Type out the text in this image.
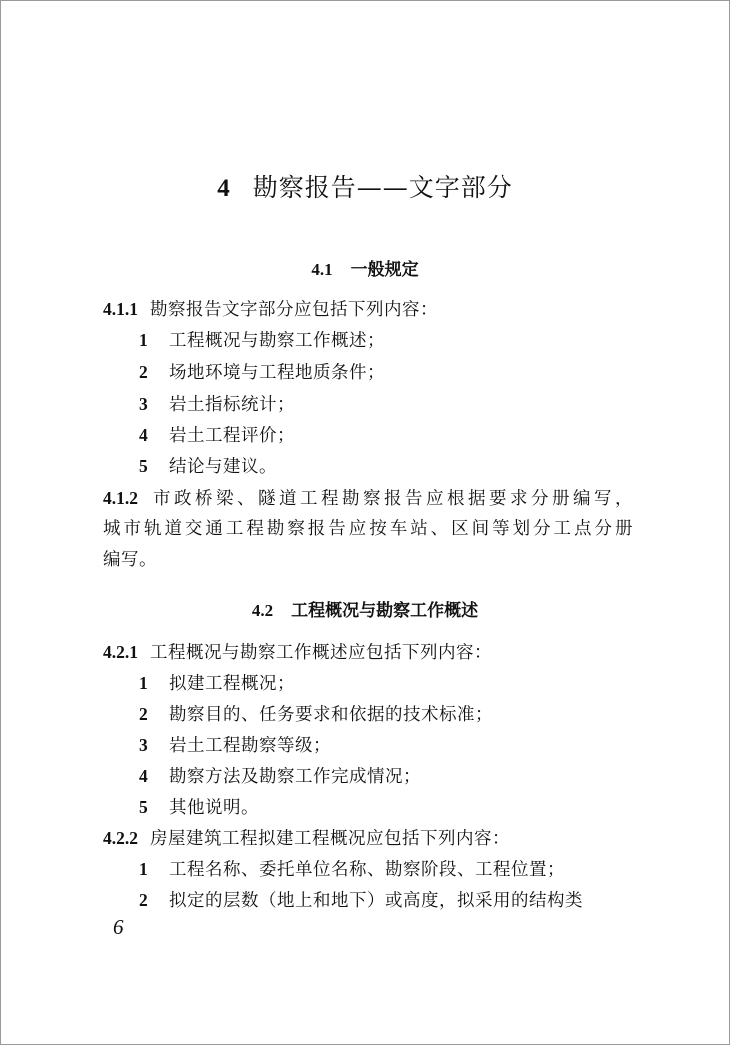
4 勘察报告——文字部分
4.1 一般规定
4.1.1 勘察报告文字部分应包括下列内容：
1 工程概况与勘察工作概述；
2 场地环境与工程地质条件；
3 岩土指标统计；
4 岩土工程评价；
5 结论与建议。
4.1.2 市政桥梁、隧道工程勘察报告应根据要求分册编写，
城市轨道交通工程勘察报告应按车站、区间等划分工点分册
编写。
4.2 工程概况与勘察工作概述
4.2.1 工程概况与勘察工作概述应包括下列内容：
1 拟建工程概况；
2 勘察目的、任务要求和依据的技术标准；
3 岩土工程勘察等级；
4 勘察方法及勘察工作完成情况；
5 其他说明。
4.2.2 房屋建筑工程拟建工程概况应包括下列内容：
1 工程名称、委托单位名称、勘察阶段、工程位置；
2 拟定的层数（地上和地下）或高度，拟采用的结构类
6
